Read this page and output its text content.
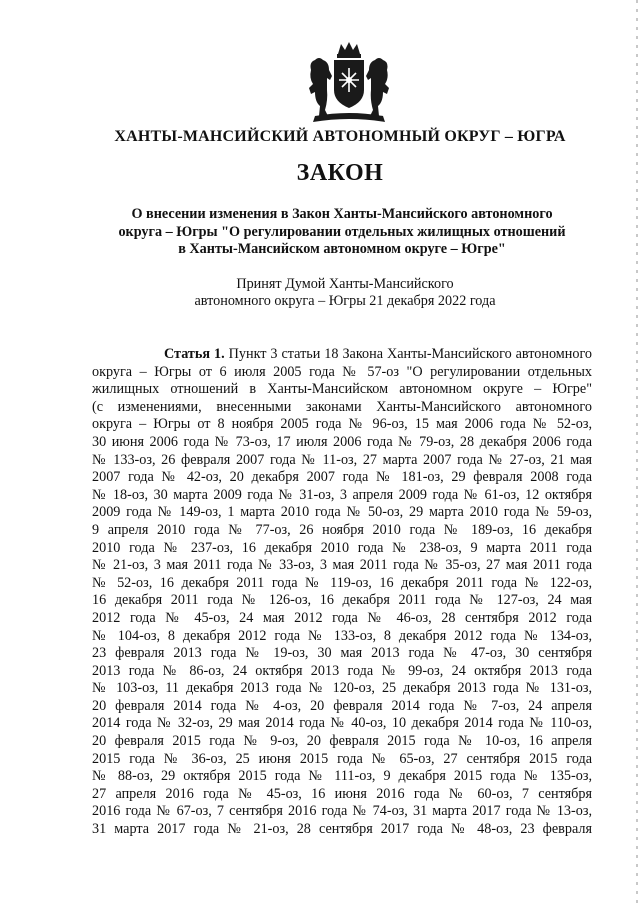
ХАНТЫ-МАНСИЙСКИЙ АВТОНОМНЫЙ ОКРУГ – ЮГРА
ЗАКОН
О внесении изменения в Закон Ханты-Мансийского автономного
округа – Югры "О регулировании отдельных жилищных отношений
в Ханты-Мансийском автономном округе – Югре"
Принят Думой Ханты-Мансийского
автономного округа – Югры 21 декабря 2022 года
Статья 1. Пункт 3 статьи 18 Закона Ханты-Мансийского автономного
округа – Югры от 6 июля 2005 года № 57-оз "О регулировании отдельных
жилищных отношений в Ханты-Мансийском автономном округе – Югре"
(с изменениями, внесенными законами Ханты-Мансийского автономного
округа – Югры от 8 ноября 2005 года № 96-оз, 15 мая 2006 года № 52-оз,
30 июня 2006 года № 73-оз, 17 июля 2006 года № 79-оз, 28 декабря 2006 года
№ 133-оз, 26 февраля 2007 года № 11-оз, 27 марта 2007 года № 27-оз, 21 мая
2007 года № 42-оз, 20 декабря 2007 года № 181-оз, 29 февраля 2008 года
№ 18-оз, 30 марта 2009 года № 31-оз, 3 апреля 2009 года № 61-оз, 12 октября
2009 года № 149-оз, 1 марта 2010 года № 50-оз, 29 марта 2010 года № 59-оз,
9 апреля 2010 года № 77-оз, 26 ноября 2010 года № 189-оз, 16 декабря
2010 года № 237-оз, 16 декабря 2010 года № 238-оз, 9 марта 2011 года
№ 21-оз, 3 мая 2011 года № 33-оз, 3 мая 2011 года № 35-оз, 27 мая 2011 года
№ 52-оз, 16 декабря 2011 года № 119-оз, 16 декабря 2011 года № 122-оз,
16 декабря 2011 года № 126-оз, 16 декабря 2011 года № 127-оз, 24 мая
2012 года № 45-оз, 24 мая 2012 года № 46-оз, 28 сентября 2012 года
№ 104-оз, 8 декабря 2012 года № 133-оз, 8 декабря 2012 года № 134-оз,
23 февраля 2013 года № 19-оз, 30 мая 2013 года № 47-оз, 30 сентября
2013 года № 86-оз, 24 октября 2013 года № 99-оз, 24 октября 2013 года
№ 103-оз, 11 декабря 2013 года № 120-оз, 25 декабря 2013 года № 131-оз,
20 февраля 2014 года № 4-оз, 20 февраля 2014 года № 7-оз, 24 апреля
2014 года № 32-оз, 29 мая 2014 года № 40-оз, 10 декабря 2014 года № 110-оз,
20 февраля 2015 года № 9-оз, 20 февраля 2015 года № 10-оз, 16 апреля
2015 года № 36-оз, 25 июня 2015 года № 65-оз, 27 сентября 2015 года
№ 88-оз, 29 октября 2015 года № 111-оз, 9 декабря 2015 года № 135-оз,
27 апреля 2016 года № 45-оз, 16 июня 2016 года № 60-оз, 7 сентября
2016 года № 67-оз, 7 сентября 2016 года № 74-оз, 31 марта 2017 года № 13-оз,
31 марта 2017 года № 21-оз, 28 сентября 2017 года № 48-оз, 23 февраля
